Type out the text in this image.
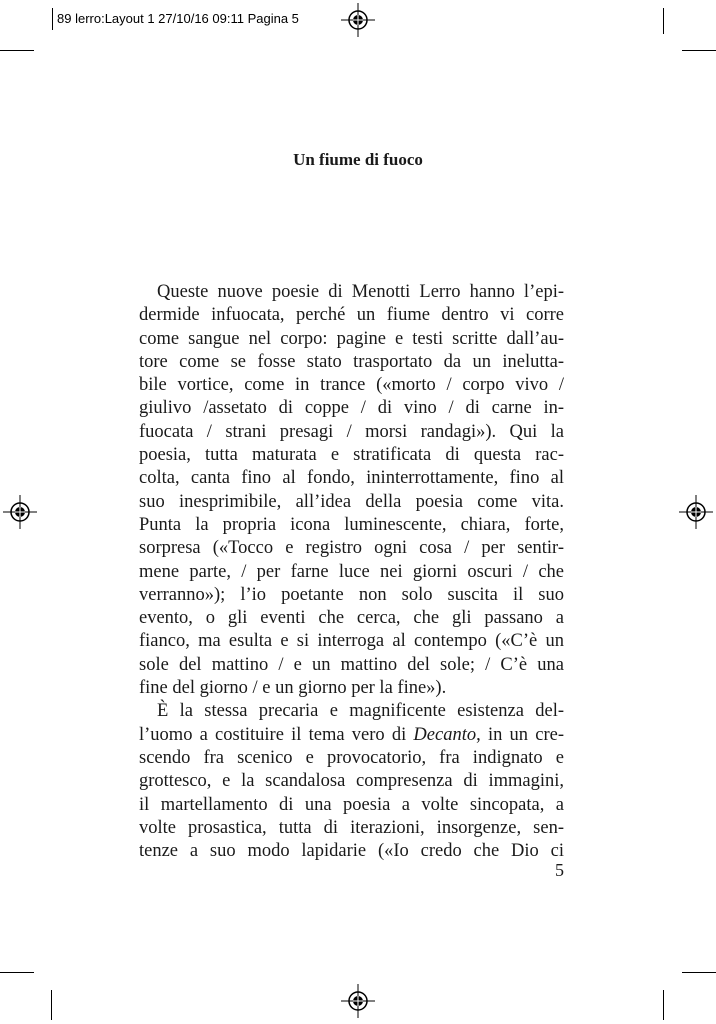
89 lerro:Layout 1 27/10/16 09:11 Pagina 5
Un fiume di fuoco
Queste nuove poesie di Menotti Lerro hanno l’epi-
dermide infuocata, perché un fiume dentro vi corre
come sangue nel corpo: pagine e testi scritte dall’au-
tore come se fosse stato trasportato da un inelutta-
bile vortice, come in trance («morto / corpo vivo /
giulivo /assetato di coppe / di vino / di carne in-
fuocata / strani presagi / morsi randagi»). Qui la
poesia, tutta maturata e stratificata di questa rac-
colta, canta fino al fondo, ininterrottamente, fino al
suo inesprimibile, all’idea della poesia come vita.
Punta la propria icona luminescente, chiara, forte,
sorpresa («Tocco e registro ogni cosa / per sentir-
mene parte, / per farne luce nei giorni oscuri / che
verranno»); l’io poetante non solo suscita il suo
evento, o gli eventi che cerca, che gli passano a
fianco, ma esulta e si interroga al contempo («C’è un
sole del mattino / e un mattino del sole; / C’è una
fine del giorno / e un giorno per la fine»).
È la stessa precaria e magnificente esistenza del-
l’uomo a costituire il tema vero di Decanto, in un cre-
scendo fra scenico e provocatorio, fra indignato e
grottesco, e la scandalosa compresenza di immagini,
il martellamento di una poesia a volte sincopata, a
volte prosastica, tutta di iterazioni, insorgenze, sen-
tenze a suo modo lapidarie («Io credo che Dio ci
5
